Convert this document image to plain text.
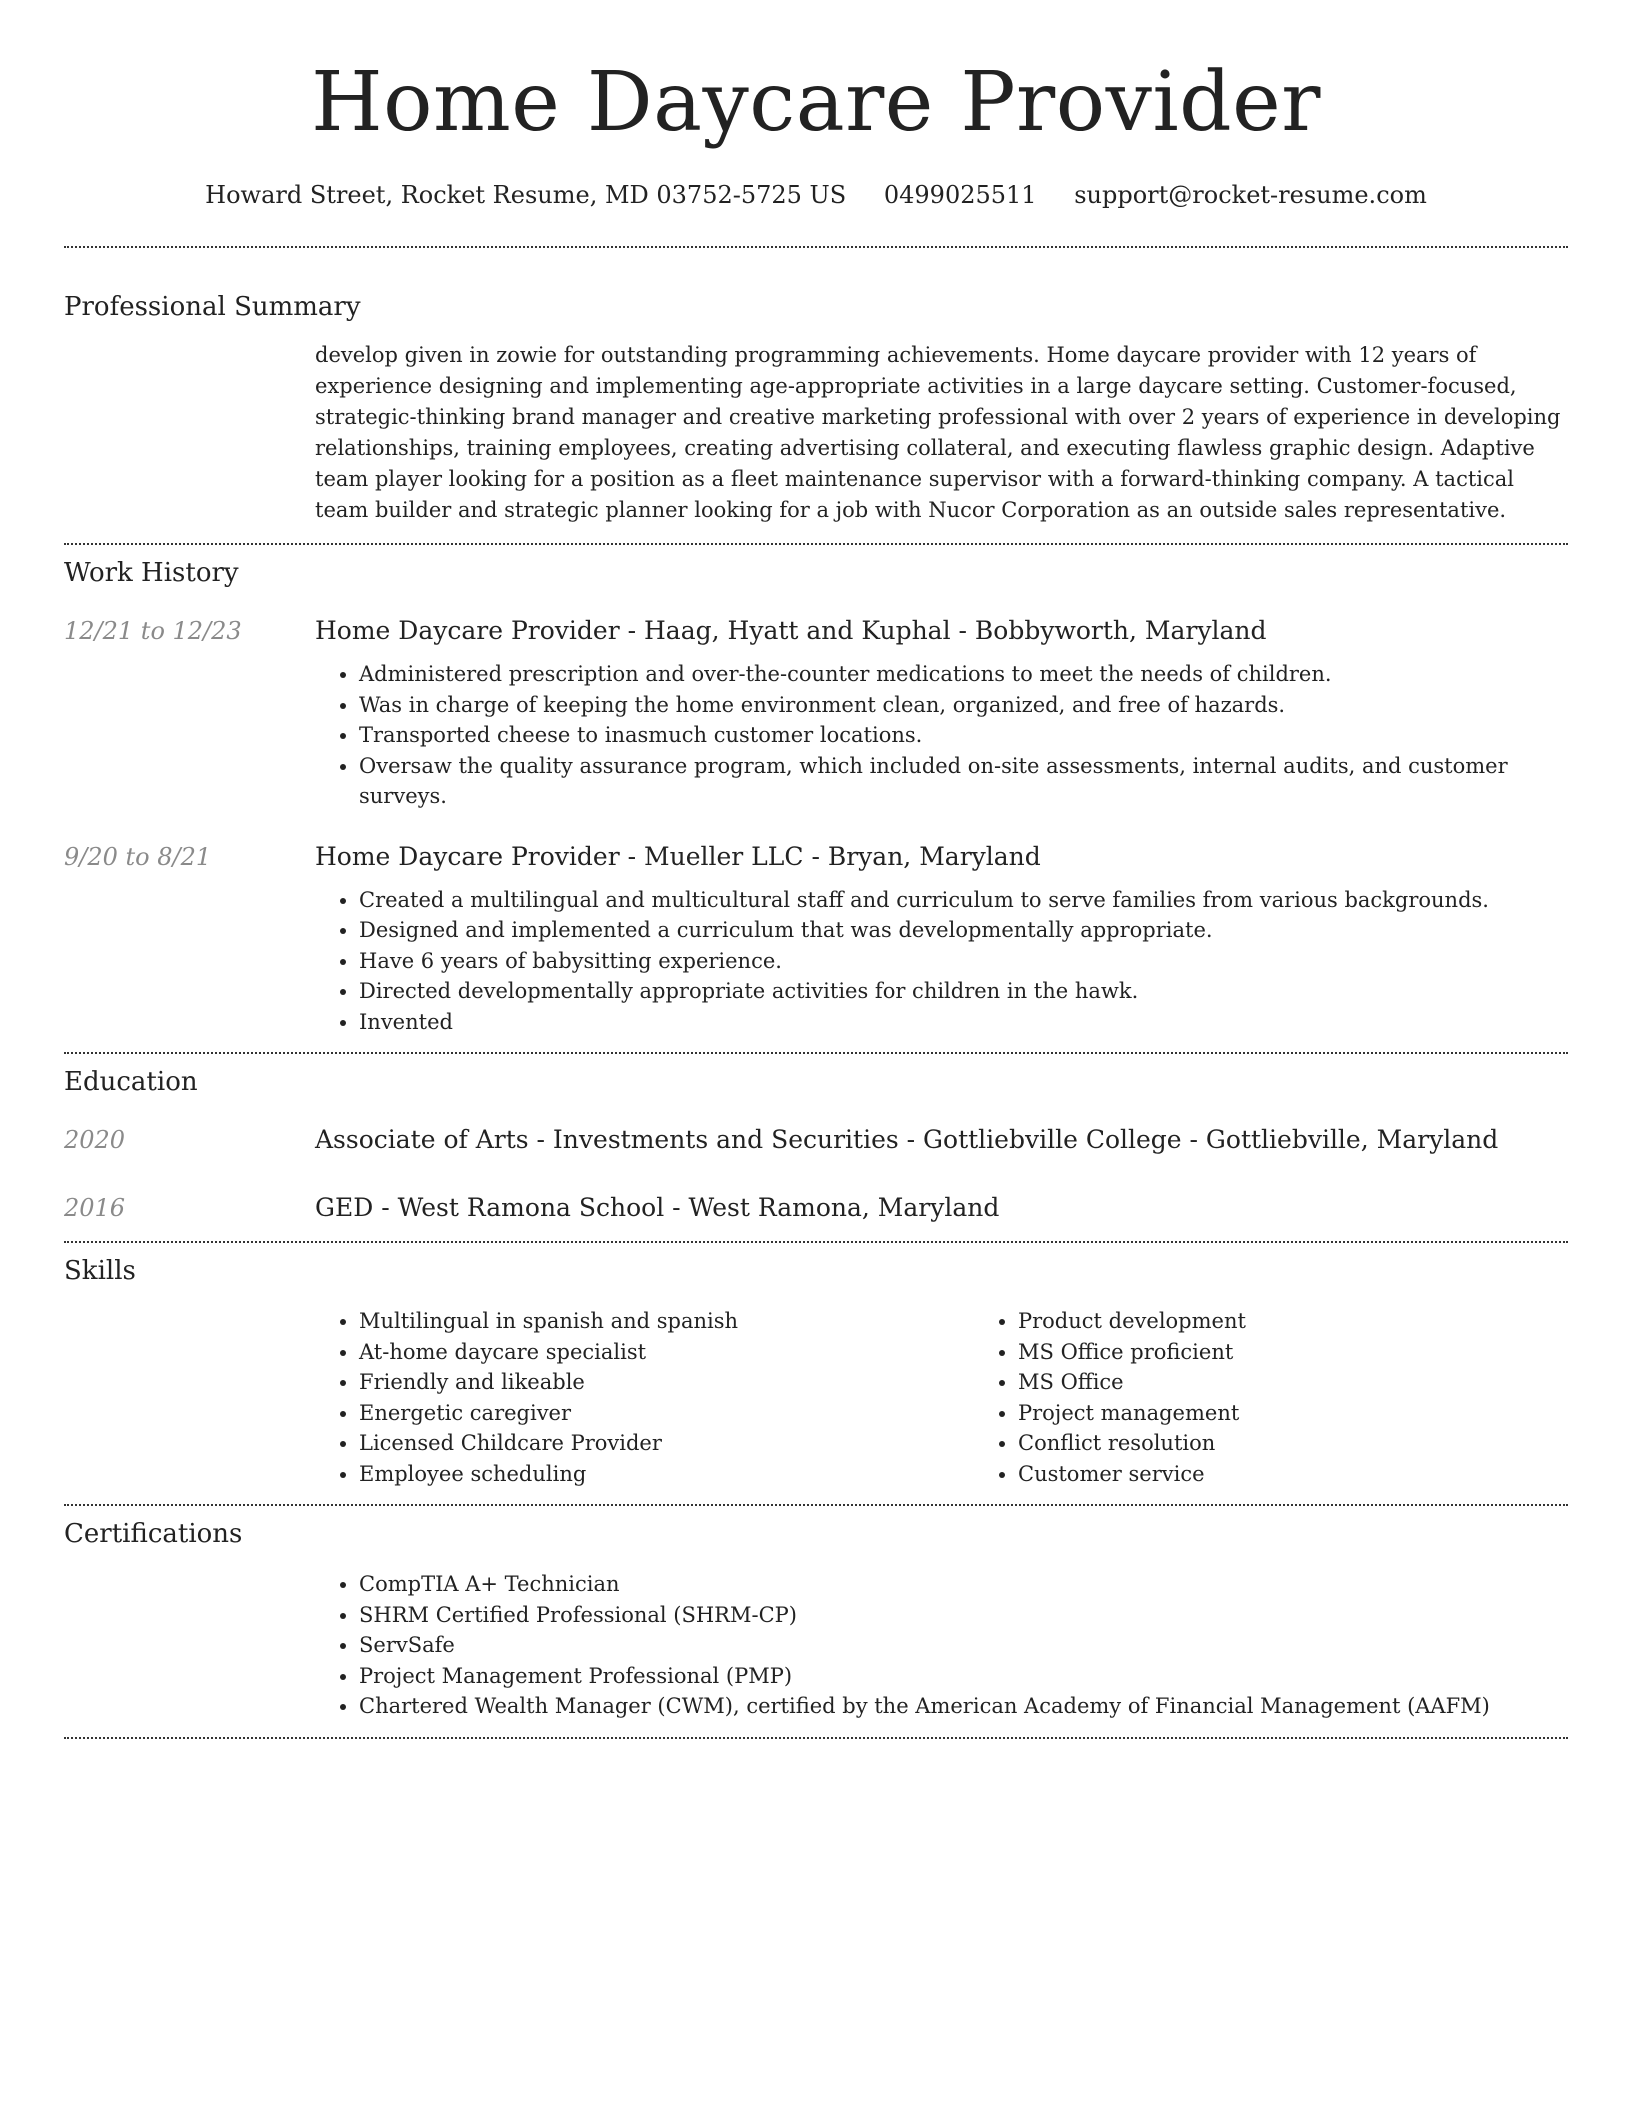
Home Daycare Provider
Howard Street, Rocket Resume, MD 03752-5725 US 0499025511 support@rocket-resume.com
Professional Summary

develop given in zowie for outstanding programming achievements. Home daycare provider with 12 years of experience designing and implementing age-appropriate activities in a large daycare setting. Customer-focused, strategic-thinking brand manager and creative marketing professional with over 2 years of experience in developing relationships, training employees, creating advertising collateral, and executing flawless graphic design. Adaptive team player looking for a position as a fleet maintenance supervisor with a forward-thinking company. A tactical team builder and strategic planner looking for a job with Nucor Corporation as an outside sales representative.

Work History
12/21 to 12/23	Home Daycare Provider - Haag, Hyatt and Kuphal - Bobbyworth, Maryland
• Administered prescription and over-the-counter medications to meet the needs of children.
• Was in charge of keeping the home environment clean, organized, and free of hazards.
• Transported cheese to inasmuch customer locations.
• Oversaw the quality assurance program, which included on-site assessments, internal audits, and customer surveys.
9/20 to 8/21	Home Daycare Provider - Mueller LLC - Bryan, Maryland
• Created a multilingual and multicultural staff and curriculum to serve families from various backgrounds.
• Designed and implemented a curriculum that was developmentally appropriate.
• Have 6 years of babysitting experience.
• Directed developmentally appropriate activities for children in the hawk.
• Invented
Education
2020	Associate of Arts - Investments and Securities - Gottliebville College - Gottliebville, Maryland
2016	GED - West Ramona School - West Ramona, Maryland
Skills
• Multilingual in spanish and spanish
• At-home daycare specialist
• Friendly and likeable
• Energetic caregiver
• Licensed Childcare Provider
• Employee scheduling
• Product development
• MS Office proficient
• MS Office
• Project management
• Conflict resolution
• Customer service
Certifications
• CompTIA A+ Technician
• SHRM Certified Professional (SHRM-CP)
• ServSafe
• Project Management Professional (PMP)
• Chartered Wealth Manager (CWM), certified by the American Academy of Financial Management (AAFM)
